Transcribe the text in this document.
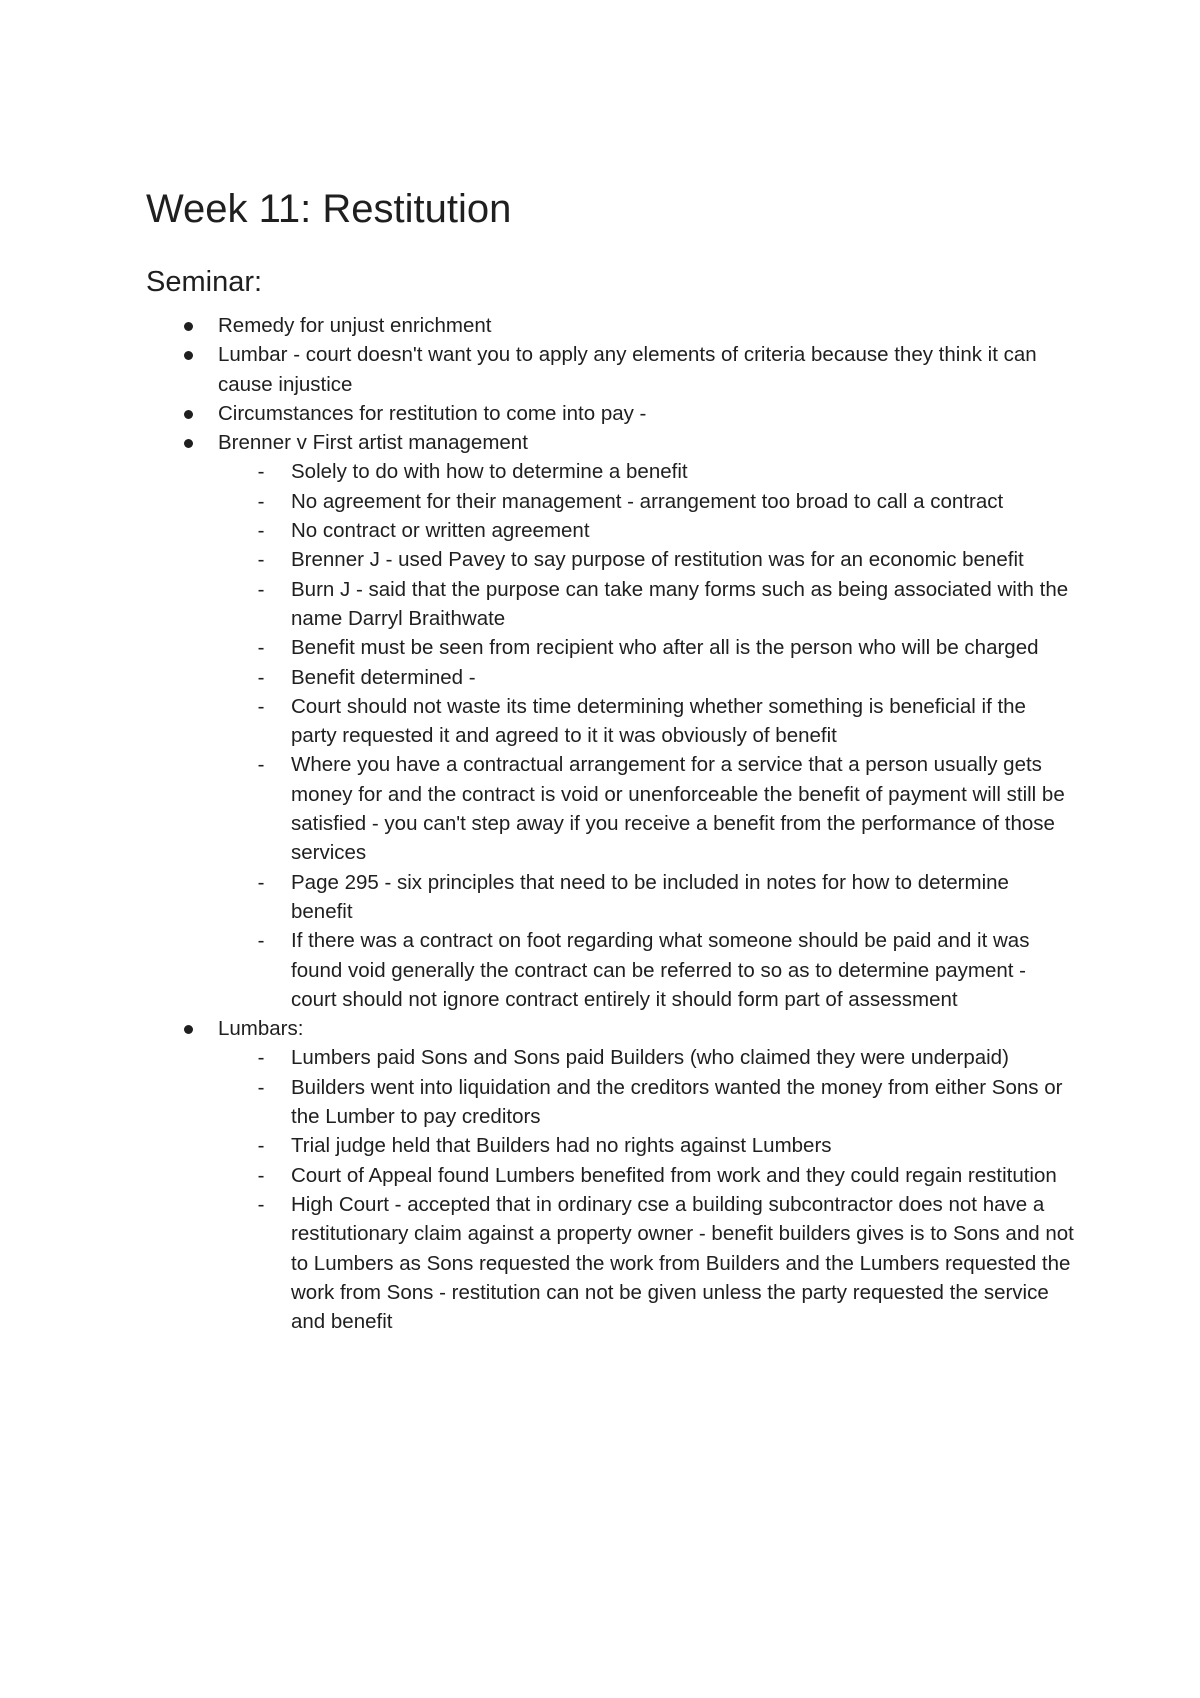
Week 11: Restitution
Seminar:
Remedy for unjust enrichment
Lumbar - court doesn't want you to apply any elements of criteria because they think it can cause injustice
Circumstances for restitution to come into pay -
Brenner v First artist management
- Solely to do with how to determine a benefit
- No agreement for their management - arrangement too broad to call a contract
- No contract or written agreement
- Brenner J - used Pavey to say purpose of restitution was for an economic benefit
- Burn J - said that the purpose can take many forms such as being associated with the name Darryl Braithwate
- Benefit must be seen from recipient who after all is the person who will be charged
- Benefit determined -
- Court should not waste its time determining whether something is beneficial if the party requested it and agreed to it it was obviously of benefit
- Where you have a contractual arrangement for a service that a person usually gets money for and the contract is void or unenforceable the benefit of payment will still be satisfied - you can't step away if you receive a benefit from the performance of those services
- Page 295 - six principles that need to be included in notes for how to determine benefit
- If there was a contract on foot regarding what someone should be paid and it was found void generally the contract can be referred to so as to determine payment - court should not ignore contract entirely it should form part of assessment
Lumbars:
- Lumbers paid Sons and Sons paid Builders (who claimed they were underpaid)
- Builders went into liquidation and the creditors wanted the money from either Sons or the Lumber to pay creditors
- Trial judge held that Builders had no rights against Lumbers
- Court of Appeal found Lumbers benefited from work and they could regain restitution
- High Court - accepted that in ordinary cse a building subcontractor does not have a restitutionary claim against a property owner - benefit builders gives is to Sons and not to Lumbers as Sons requested the work from Builders and the Lumbers requested the work from Sons - restitution can not be given unless the party requested the service and benefit
